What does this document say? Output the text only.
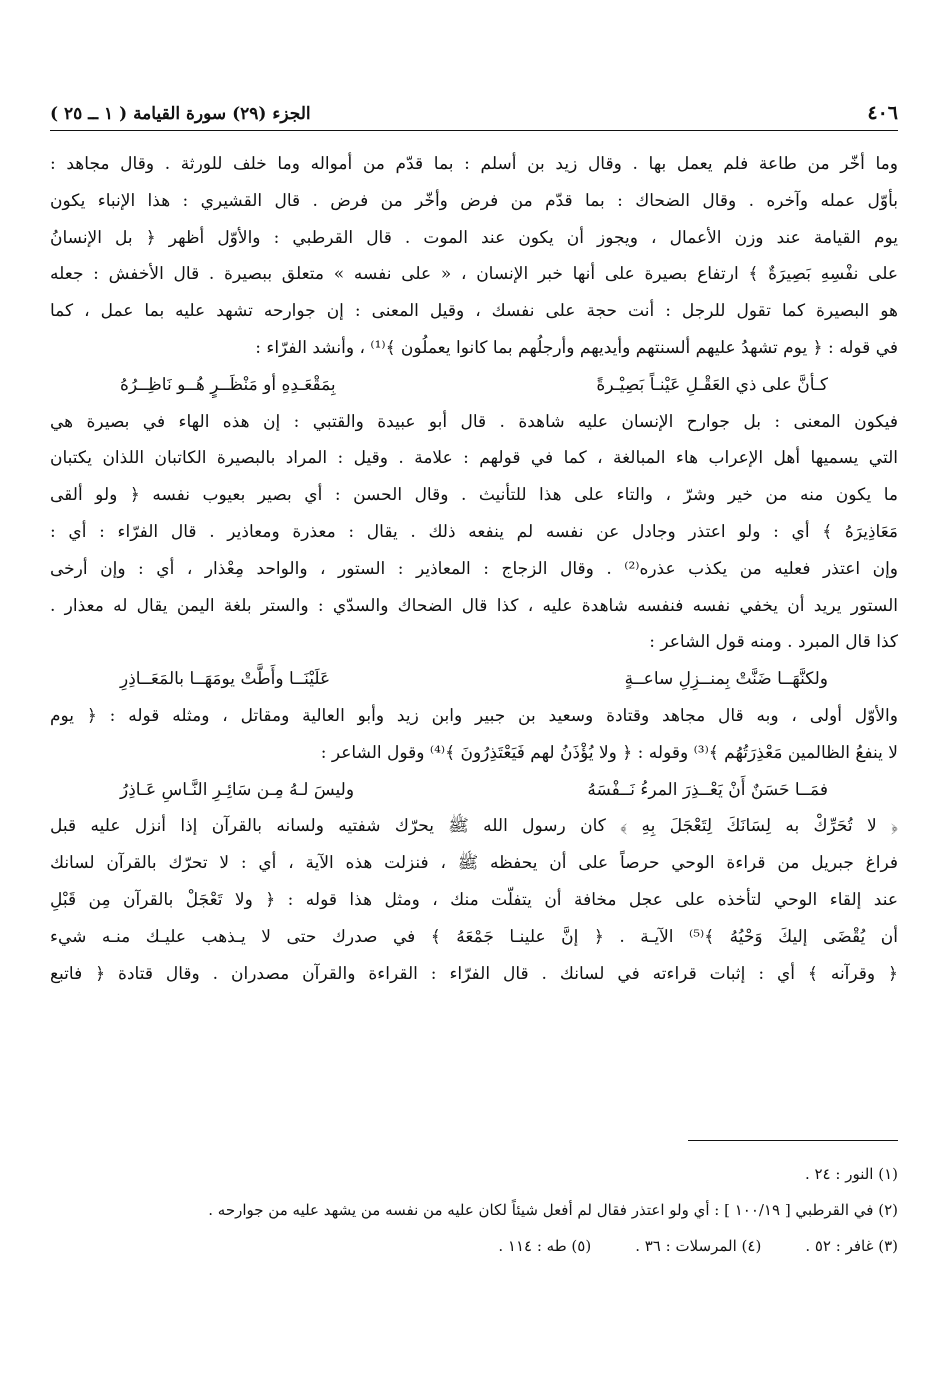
٤٠٦
الجزء (٢٩) سورة القيامة ( ١ ــ ٢٥ )
وما أخّر من طاعة فلم يعمل بها . وقال زيد بن أسلم : بما قدّم من أمواله وما خلف للورثة . وقال مجاهد :
بأوّل عمله وآخره . وقال الضحاك : بما قدّم من فرض وأخّر من فرض . قال القشيري : هذا الإنباء يكون
يوم القيامة عند وزن الأعمال ، ويجوز أن يكون عند الموت . قال القرطبي : والأوّل أظهر ﴿ بل الإنسانُ
على نفْسِهِ بَصِيرَةٌ ﴾ ارتفاع بصيرة على أنها خبر الإنسان ، « على نفسه » متعلق ببصيرة . قال الأخفش : جعله
هو البصيرة كما تقول للرجل : أنت حجة على نفسك ، وقيل المعنى : إن جوارحه تشهد عليه بما عمل ، كما
في قوله : ﴿ يوم تشهدُ عليهم ألسنتهم وأيديهم وأرجلُهم بما كانوا يعملُون ﴾⁽¹⁾ ، وأنشد الفرّاء :
كـأنَّ على ذي العَقْـلِ عَيْنـاً بَصِيْـرةً
بِمَقْعَـدِهِ أو مَنْظَــرٍ هُــو نَاظِــرُهُ
فيكون المعنى : بل جوارح الإنسان عليه شاهدة . قال أبو عبيدة والقتبي : إن هذه الهاء في بصيرة هي
التي يسميها أهل الإعراب هاء المبالغة ، كما في قولهم : علامة . وقيل : المراد بالبصيرة الكاتبان اللذان يكتبان
ما يكون منه من خير وشرّ ، والتاء على هذا للتأنيث . وقال الحسن : أي بصير بعيوب نفسه ﴿ ولو ألقى
مَعَاذِيرَهُ ﴾ أي : ولو اعتذر وجادل عن نفسه لم ينفعه ذلك . يقال : معذرة ومعاذير . قال الفرّاء : أي :
وإن اعتذر فعليه من يكذب عذره⁽²⁾ . وقال الزجاج : المعاذير : الستور ، والواحد مِعْذار ، أي : وإن أرخى
الستور يريد أن يخفي نفسه فنفسه شاهدة عليه ، كذا قال الضحاك والسدّي : والستر بلغة اليمن يقال له معذار .
كذا قال المبرد . ومنه قول الشاعر :
ولكنَّهَــا ضَنَّتْ بِمنــزِلِ ساعــةٍ
عَلَيْنَــا وأَطَّتْ يومَهَــا بالمَعَــاذِرِ
والأوّل أولى ، وبه قال مجاهد وقتادة وسعيد بن جبير وابن زيد وأبو العالية ومقاتل ، ومثله قوله : ﴿ يوم
لا ينفعُ الظالمين مَعْذِرَتُهُم ﴾⁽³⁾ وقوله : ﴿ ولا يُؤْذَنُ لهم فَيَعْتَذِرُونَ ﴾⁽⁴⁾ وقول الشاعر :
فمَــا حَسَنٌ أَنْ يَعْــذِرَ المرءُ نَــفْسَهُ
وليسَ لـهُ مِـن سَائِـرِ النَّـاسِ عَـاذِرُ
﴿ لا تُحَرِّكْ به لِسَانَكَ لِتَعْجَلَ بِهِ ﴾ كان رسول الله ﷺ يحرّك شفتيه ولسانه بالقرآن إذا أنزل عليه قبل
فراغ جبريل من قراءة الوحي حرصاً على أن يحفظه ﷺ ، فنزلت هذه الآية ، أي : لا تحرّك بالقرآن لسانك
عند إلقاء الوحي لتأخذه على عجل مخافة أن يتفلّت منك ، ومثل هذا قوله : ﴿ ولا تَعْجَلْ بالقرآن مِن قَبْلِ
أن يُقْضَى إليكَ وَحْيُهُ ﴾⁽⁵⁾ الآيـة . ﴿ إنَّ علينـا جَمْعَهُ ﴾ في صدرك حتى لا يـذهب عليـك منـه شيء
﴿ وقرآنه ﴾ أي : إثبات قراءته في لسانك . قال الفرّاء : القراءة والقرآن مصدران . وقال قتادة ﴿ فاتبع
(١) النور : ٢٤ .
(٢) في القرطبي [ ١٠٠/١٩ ] : أي ولو اعتذر فقال لم أفعل شيئاً لكان عليه من نفسه من يشهد عليه من جوارحه .
(٣) غافر : ٥٢ .
(٤) المرسلات : ٣٦ .
(٥) طه : ١١٤ .
